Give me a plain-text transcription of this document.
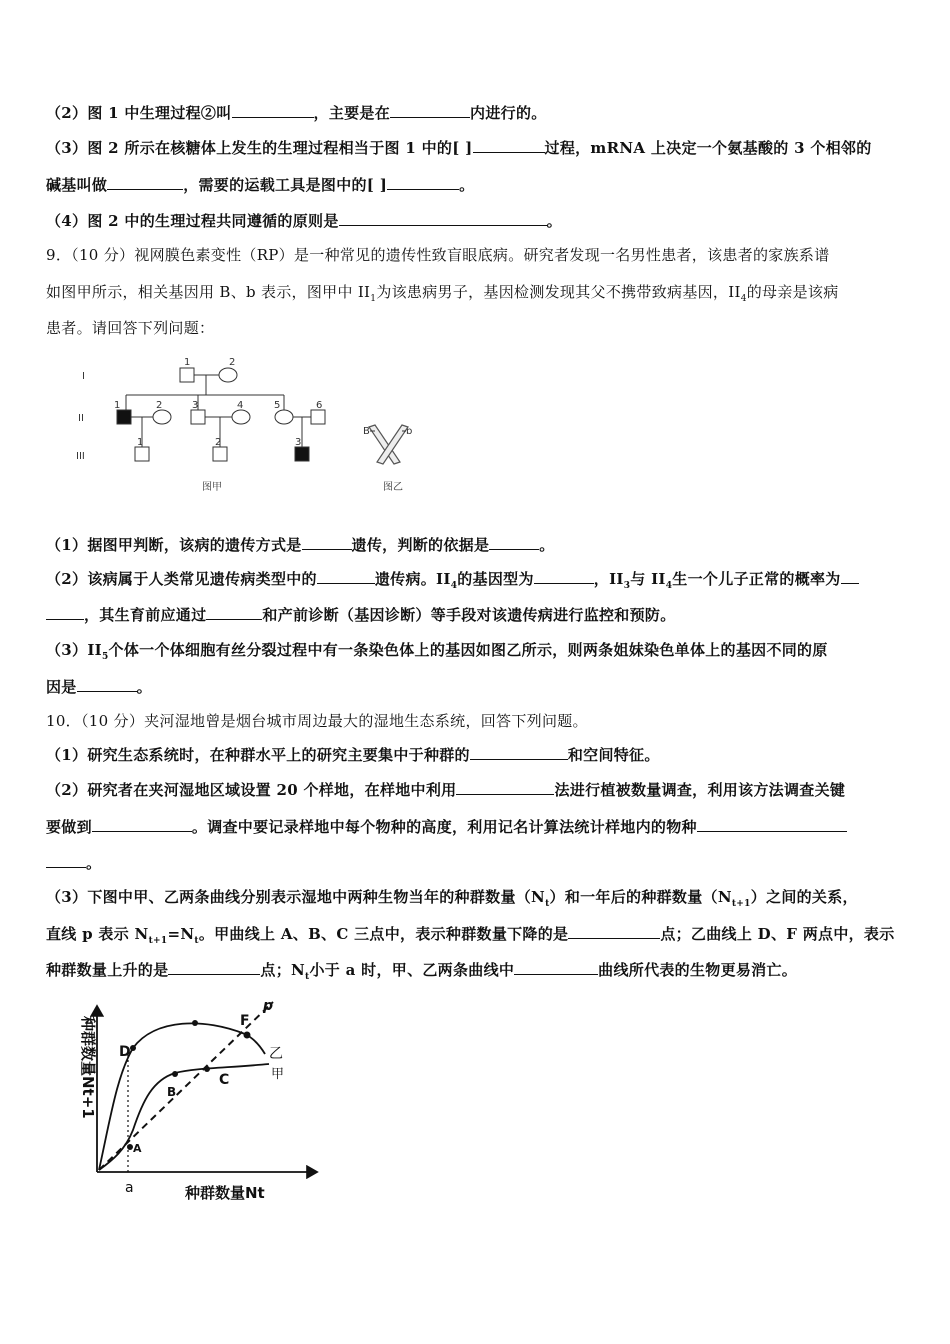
（2）图 1 中生理过程②叫	，主要是在	内进行的。
（3）图 2 所示在核糖体上发生的生理过程相当于图 1 中的[ ]	过程，mRNA 上决定一个氨基酸的 3 个相邻的
碱基叫做	，需要的运载工具是图中的[ ]	。
（4）图 2 中的生理过程共同遵循的原则是	。
9．（10 分）视网膜色素变性（RP）是一种常见的遗传性致盲眼底病。研究者发现一名男性患者，该患者的家族系谱
如图甲所示，相关基因用 B、b 表示，图甲中 $II_1$为该患病男子，基因检测发现其父不携带致病基因，$II_4$的母亲是该病
患者。请回答下列问题：
I
II
III
1	2
1	2	3	4	5	6
1	2	3
图甲	图乙
B	b
（1）据图甲判断，该病的遗传方式是	遗传，判断的依据是	。
（2）该病属于人类常见遗传病类型中的	遗传病。$II_4$的基因型为	，$II_3$与 $II_4$生一个儿子正常的概率为
，其生育前应通过	和产前诊断（基因诊断）等手段对该遗传病进行监控和预防。
$(3)II_5$个体一个体细胞有丝分裂过程中有一条染色体上的基因如图乙所示，则两条姐妹染色单体上的基因不同的原
因是	。
10．（10 分）夹河湿地曾是烟台城市周边最大的湿地生态系统，回答下列问题。
（1）研究生态系统时，在种群水平上的研究主要集中于种群的	和空间特征。
（2）研究者在夹河湿地区域设置 20 个样地，在样地中利用	法进行植被数量调查，利用该方法调查关键
要做到	。调查中要记录样地中每个物种的高度，利用记名计算法统计样地内的物种
。
（3）下图中甲、乙两条曲线分别表示湿地中两种生物当年的种群数量$(N_t)$和一年后的种群数量$(N_{t+1})$之间的关系，
直线 p 表示 $N_{t+1}=N_t$。甲曲线上 A、B、C 三点中，表示种群数量下降的是	点；乙曲线上 D、F 两点中，表示
种群数量上升的是	点；$N_t$小于 a 时，甲、乙两条曲线中	曲线所代表的生物更易消亡。
D
F
p
A
B
C
乙
甲
a	种群数量Nt
种群数量Nt+1
